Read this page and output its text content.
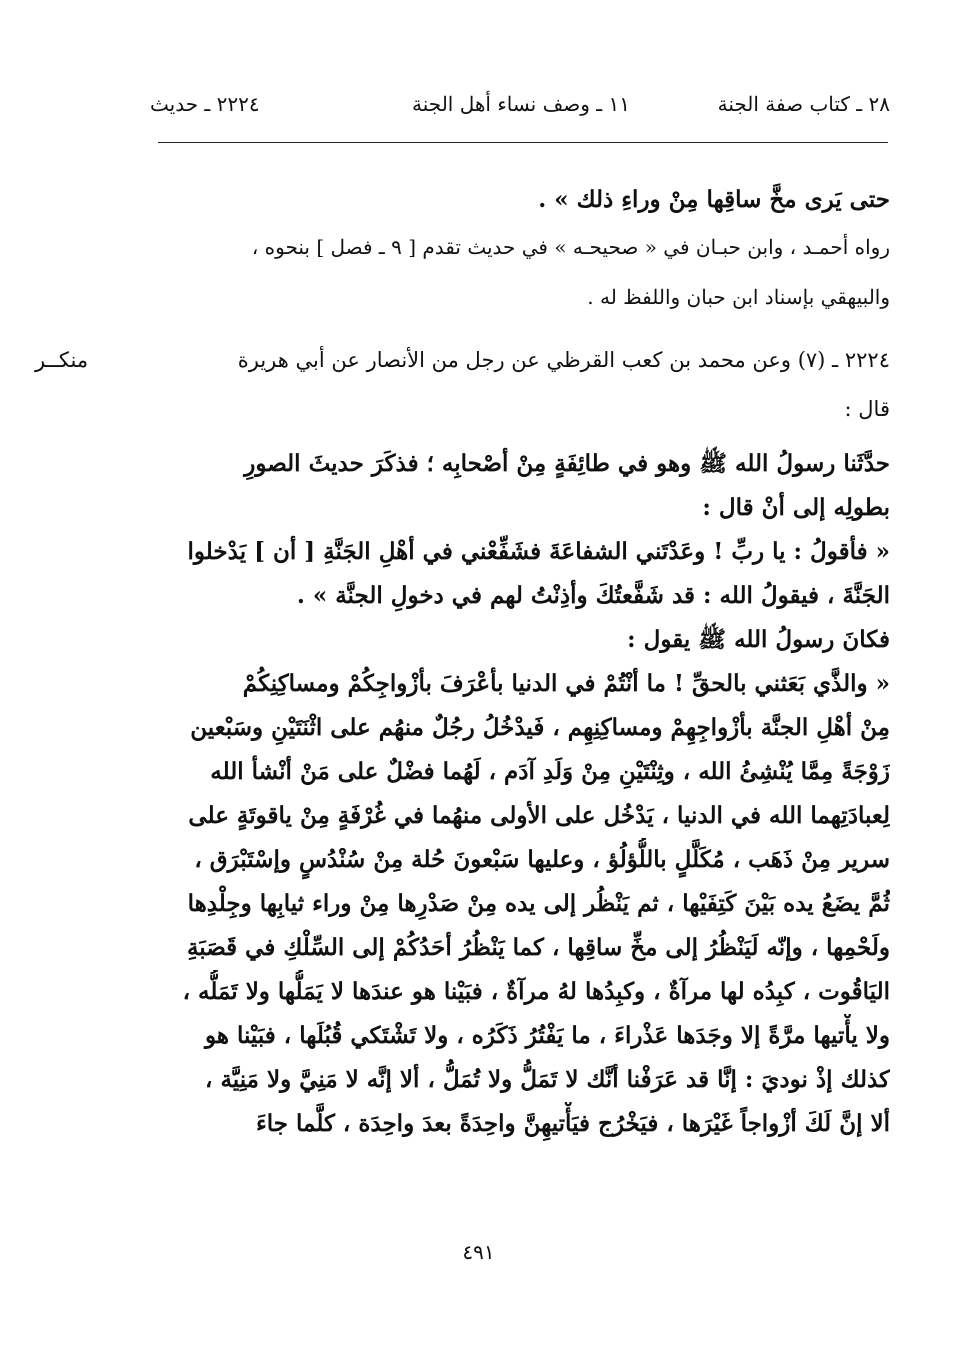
٢٨ ـ كتاب صفة الجنة
١١ ـ وصف نساء أهل الجنة
٢٢٢٤ ـ حديث
منكــر
حتى يَرى مخَّ ساقِها مِنْ وراءِ ذلك » .
رواه أحمـد ، وابن حبـان في « صحيحـه » في حديث تقدم [ ٩ ـ فصل ] بنحوه ،
والبيهقي بإسناد ابن حبان واللفظ له .
٢٢٢٤ ـ (٧) وعن محمد بن كعب القرظي عن رجل من الأنصار عن أبي هريرة
قال :
حدَّثَنا رسولُ الله ﷺ وهو في طائِفَةٍ مِنْ أصْحابِه ؛ فذكَرَ حديثَ الصورِ
بطولِه إلى أنْ قال :
« فأقولُ : يا ربِّ ! وعَدْتَني الشفاعَةَ فشَفِّعْني في أهْلِ الجَنَّةِ [ أن ] يَدْخلوا
الجَنَّةَ ، فيقولُ الله : قد شَفَّعتُكَ وأذِنْتُ لهم في دخولِ الجنَّة » .
فكانَ رسولُ الله ﷺ يقول :
« والذَّي بَعَثني بالحقِّ ! ما أنْتُمْ في الدنيا بأعْرَفَ بأزْواجِكُمْ ومساكِنِكُمْ
مِنْ أهْلِ الجنَّة بأزْواجِهِمْ ومساكِنِهِم ، فَيدْخُلُ رجُلٌ منهُم على اثْنَتَيْنِ وسَبْعين
زَوْجَةً مِمَّا يُنْشِئُ الله ، وثِنْتَيْنِ مِنْ وَلَدِ آدَم ، لَهُما فضْلٌ على مَنْ أنْشأ الله
لِعبادَتِهما الله في الدنيا ، يَدْخُل على الأولى منهُما في غُرْفَةٍ مِنْ ياقوتَةٍ على
سرير مِنْ ذَهَب ، مُكَلَّلٍ باللُّؤلُؤ ، وعليها سَبْعونَ حُلة مِنْ سُنْدُسٍ وإسْتَبْرَق ،
ثُمَّ يضَعُ يده بَيْنَ كَتِفَيْها ، ثم يَنْظُر إلى يده مِنْ صَدْرِها مِنْ وراء ثيابِها وجِلْدِها
ولَحْمِها ، وإنّه لَيَنْظُرُ إلى مخِّ ساقِها ، كما يَنْظُرُ أحَدُكُمْ إلى السِّلْكِ في قَصَبَةِ
اليَاقُوت ، كبِدُه لها مرآةٌ ، وكبِدُها لهُ مرآةٌ ، فبَيْنا هو عندَها لا يَمَلُّها ولا تَمَلُّه ،
ولا يأْتيها مرَّةً إلا وجَدَها عَذْراءَ ، ما يَفْتُرُ ذَكَرُه ، ولا تَشْتَكي قُبُلَها ، فبَيْنا هو
كذلك إذْ نوديَ : إنَّا قد عَرَفْنا أنَّك لا تَمَلُّ ولا تُمَلُّ ، ألا إنَّه لا مَنِيَّ ولا مَنِيَّة ،
ألا إنَّ لَكَ أزْواجاً غَيْرَها ، فيَخْرُج فيَأْتيهِنَّ واحِدَةً بعدَ واحِدَة ، كلَّما جاءَ
٤٩١
